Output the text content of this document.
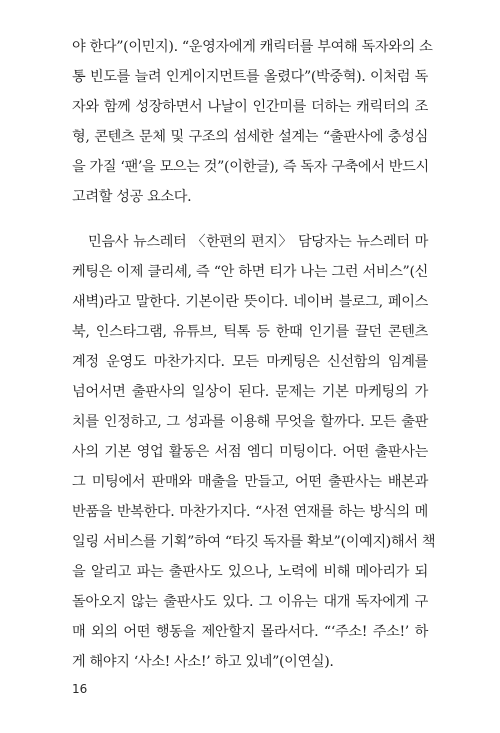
야 한다”(이민지). “운영자에게 캐릭터를 부여해 독자와의 소
통 빈도를 늘려 인게이지먼트를 올렸다”(박중혁). 이처럼 독
자와 함께 성장하면서 나날이 인간미를 더하는 캐릭터의 조
형, 콘텐츠 문체 및 구조의 섬세한 설계는 “출판사에 충성심
을 가질 ‘팬’을 모으는 것”(이한글), 즉 독자 구축에서 반드시
고려할 성공 요소다.
민음사 뉴스레터 〈한편의 편지〉 담당자는 뉴스레터 마
케팅은 이제 클리셰, 즉 “안 하면 티가 나는 그런 서비스”(신
새벽)라고 말한다. 기본이란 뜻이다. 네이버 블로그, 페이스
북, 인스타그램, 유튜브, 틱톡 등 한때 인기를 끌던 콘텐츠
계정 운영도 마찬가지다. 모든 마케팅은 신선함의 임계를
넘어서면 출판사의 일상이 된다. 문제는 기본 마케팅의 가
치를 인정하고, 그 성과를 이용해 무엇을 할까다. 모든 출판
사의 기본 영업 활동은 서점 엠디 미팅이다. 어떤 출판사는
그 미팅에서 판매와 매출을 만들고, 어떤 출판사는 배본과
반품을 반복한다. 마찬가지다. “사전 연재를 하는 방식의 메
일링 서비스를 기획”하여 “타깃 독자를 확보”(이예지)해서 책
을 알리고 파는 출판사도 있으나, 노력에 비해 메아리가 되
돌아오지 않는 출판사도 있다. 그 이유는 대개 독자에게 구
매 외의 어떤 행동을 제안할지 몰라서다. “‘주소! 주소!’ 하
게 해야지 ‘사소! 사소!’ 하고 있네”(이연실).
16
